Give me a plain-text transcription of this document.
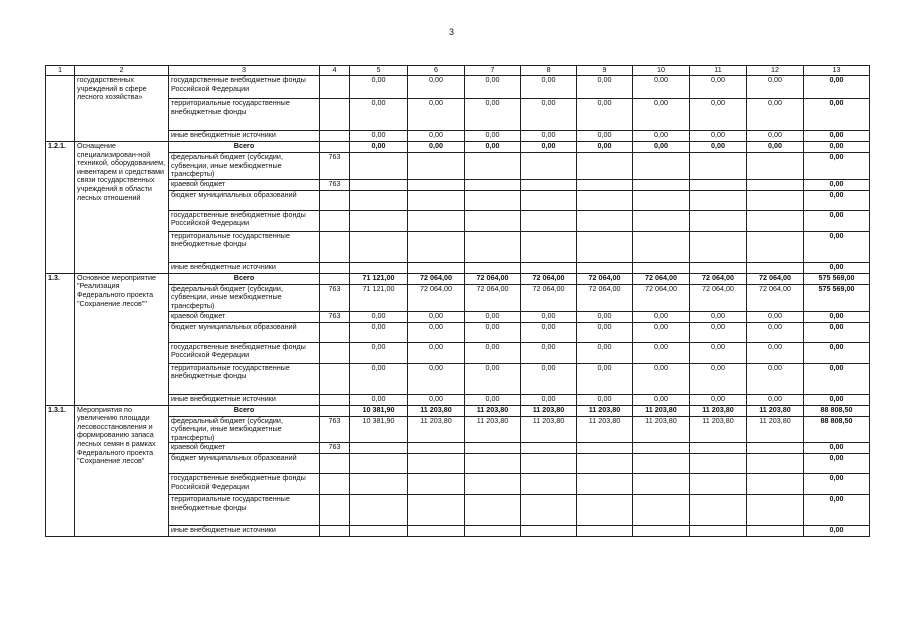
3
1	2	3	4	5	6	7	8	9	10	11	12	13
	государственных учреждений в сфере лесного хозяйства»	государственные внебюджетные фонды Российской Федерации		0,00	0,00	0,00	0,00	0,00	0,00	0,00	0,00	0,00
		территориальные государственные внебюджетные фонды		0,00	0,00	0,00	0,00	0,00	0,00	0,00	0,00	0,00
		иные внебюджетные источники		0,00	0,00	0,00	0,00	0,00	0,00	0,00	0,00	0,00
1.2.1.	Оснащение специализирован-ной техникой, оборудованием, инвентарем и средствами связи государственных учреждений в области лесных отношений	Всего		0,00	0,00	0,00	0,00	0,00	0,00	0,00	0,00	0,00
		федеральный бюджет (субсидии, субвенции, иные межбюджетные трансферты)	763									0,00
		краевой бюджет	763									0,00
		бюджет муниципальных образований										0,00
		государственные внебюджетные фонды Российской Федерации										0,00
		территориальные государственные внебюджетные фонды										0,00
		иные внебюджетные источники										0,00
1.3.	Основное мероприятие "Реализация Федерального проекта "Сохранение лесов""	Всего		71 121,00	72 064,00	72 064,00	72 064,00	72 064,00	72 064,00	72 064,00	72 064,00	575 569,00
		федеральный бюджет (субсидии, субвенции, иные межбюджетные трансферты)	763	71 121,00	72 064,00	72 064,00	72 064,00	72 064,00	72 064,00	72 064,00	72 064,00	575 569,00
		краевой бюджет	763	0,00	0,00	0,00	0,00	0,00	0,00	0,00	0,00	0,00
		бюджет муниципальных образований		0,00	0,00	0,00	0,00	0,00	0,00	0,00	0,00	0,00
		государственные внебюджетные фонды Российской Федерации		0,00	0,00	0,00	0,00	0,00	0,00	0,00	0,00	0,00
		территориальные государственные внебюджетные фонды		0,00	0,00	0,00	0,00	0,00	0,00	0,00	0,00	0,00
		иные внебюджетные источники		0,00	0,00	0,00	0,00	0,00	0,00	0,00	0,00	0,00
1.3.1.	Мероприятия по увеличению площади лесовосстановления и формированию запаса лесных семян в рамках Федерального проекта "Сохранение лесов"	Всего		10 381,90	11 203,80	11 203,80	11 203,80	11 203,80	11 203,80	11 203,80	11 203,80	88 808,50
		федеральный бюджет (субсидии, субвенции, иные межбюджетные трансферты)	763	10 381,90	11 203,80	11 203,80	11 203,80	11 203,80	11 203,80	11 203,80	11 203,80	88 808,50
		краевой бюджет	763									0,00
		бюджет муниципальных образований										0,00
		государственные внебюджетные фонды Российской Федерации										0,00
		территориальные государственные внебюджетные фонды										0,00
		иные внебюджетные источники										0,00
